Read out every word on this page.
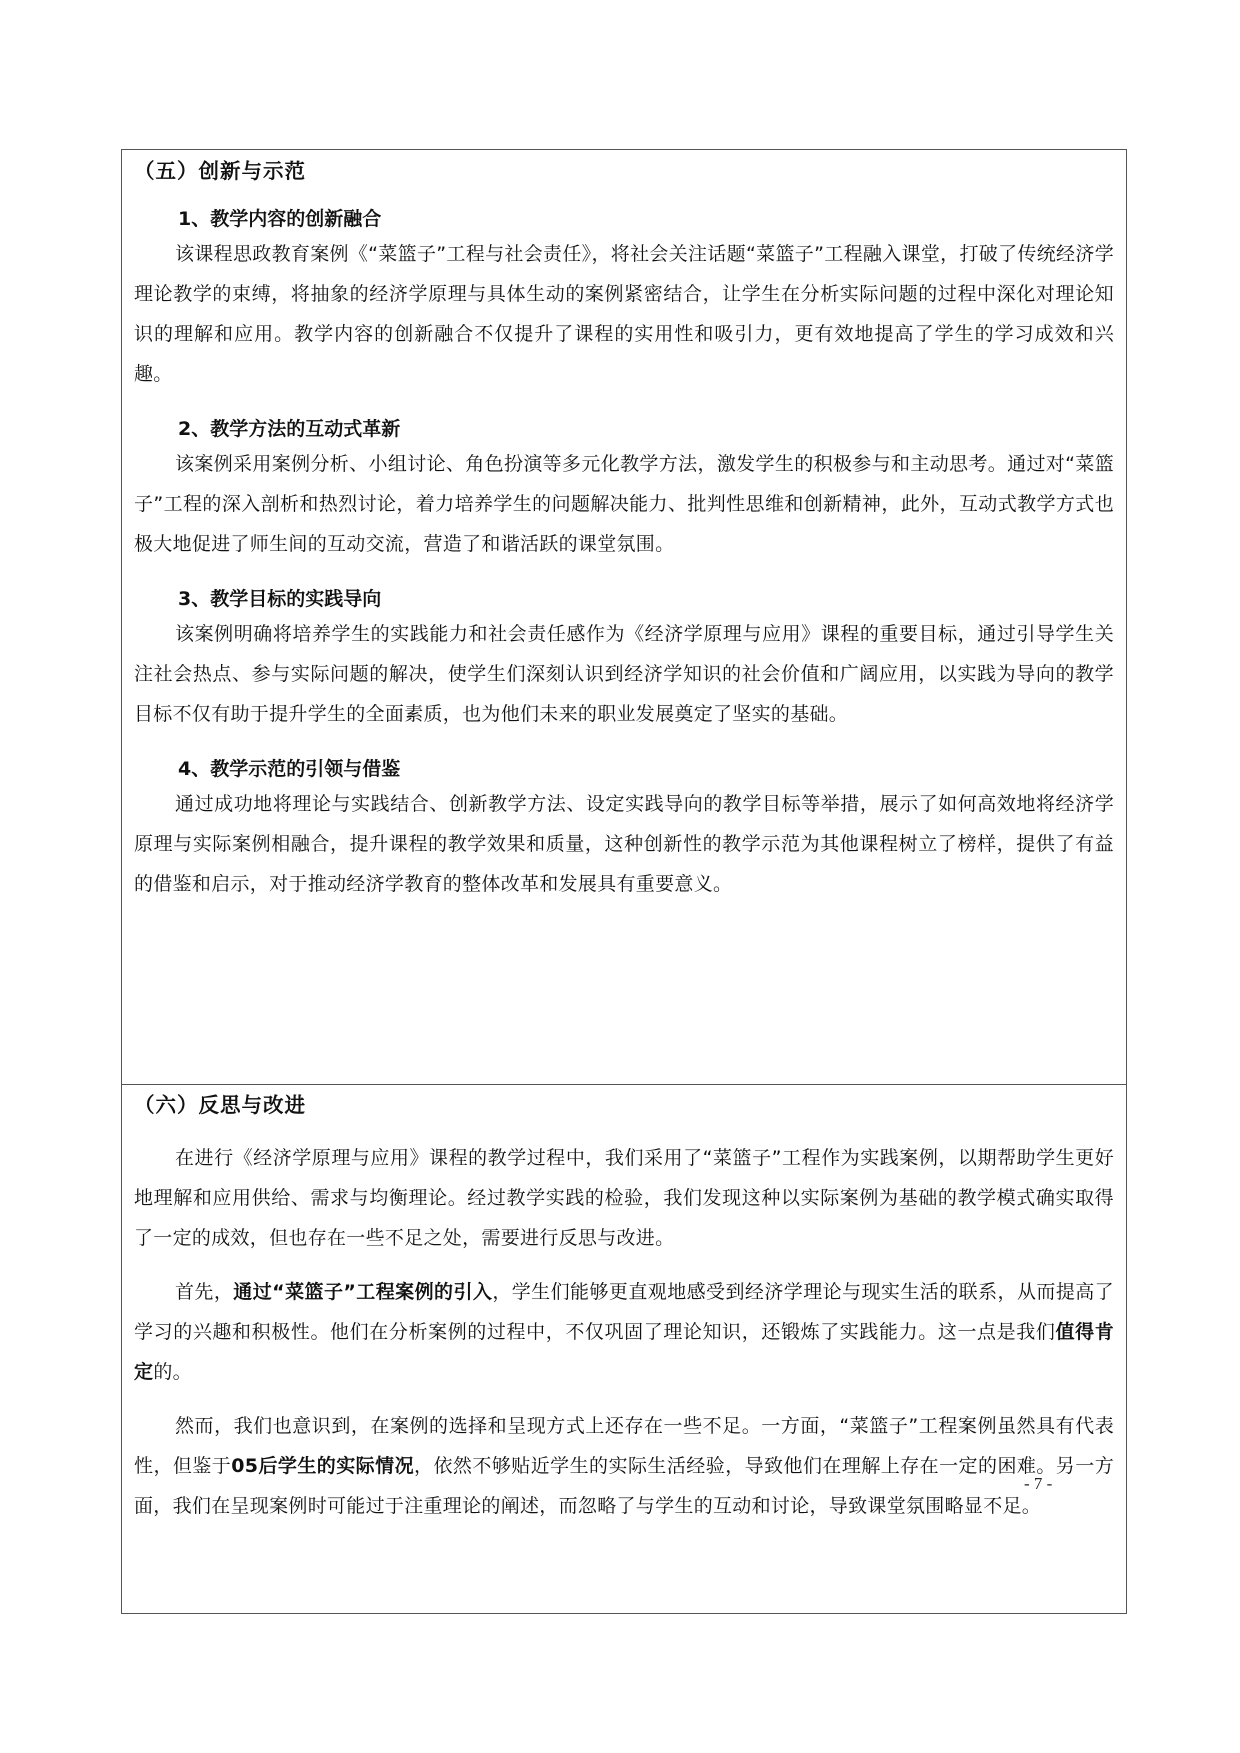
（五）创新与示范
1、教学内容的创新融合

该课程思政教育案例《“菜篮子”工程与社会责任》，将社会关注话题“菜篮子”工程融入课堂，打破了传统经济学理论教学的束缚，将抽象的经济学原理与具体生动的案例紧密结合，让学生在分析实际问题的过程中深化对理论知识的理解和应用。教学内容的创新融合不仅提升了课程的实用性和吸引力，更有效地提高了学生的学习成效和兴趣。

2、教学方法的互动式革新

该案例采用案例分析、小组讨论、角色扮演等多元化教学方法，激发学生的积极参与和主动思考。通过对“菜篮子”工程的深入剖析和热烈讨论，着力培养学生的问题解决能力、批判性思维和创新精神，此外，互动式教学方式也极大地促进了师生间的互动交流，营造了和谐活跃的课堂氛围。

3、教学目标的实践导向

该案例明确将培养学生的实践能力和社会责任感作为《经济学原理与应用》课程的重要目标，通过引导学生关注社会热点、参与实际问题的解决，使学生们深刻认识到经济学知识的社会价值和广阔应用，以实践为导向的教学目标不仅有助于提升学生的全面素质，也为他们未来的职业发展奠定了坚实的基础。

4、教学示范的引领与借鉴

通过成功地将理论与实践结合、创新教学方法、设定实践导向的教学目标等举措，展示了如何高效地将经济学原理与实际案例相融合，提升课程的教学效果和质量，这种创新性的教学示范为其他课程树立了榜样，提供了有益的借鉴和启示，对于推动经济学教育的整体改革和发展具有重要意义。

（六）反思与改进

在进行《经济学原理与应用》课程的教学过程中，我们采用了“菜篮子”工程作为实践案例，以期帮助学生更好地理解和应用供给、需求与均衡理论。经过教学实践的检验，我们发现这种以实际案例为基础的教学模式确实取得了一定的成效，但也存在一些不足之处，需要进行反思与改进。

首先，通过“菜篮子”工程案例的引入，学生们能够更直观地感受到经济学理论与现实生活的联系，从而提高了学习的兴趣和积极性。他们在分析案例的过程中，不仅巩固了理论知识，还锻炼了实践能力。这一点是我们值得肯定的。

然而，我们也意识到，在案例的选择和呈现方式上还存在一些不足。一方面，“菜篮子”工程案例虽然具有代表性，但鉴于05后学生的实际情况，依然不够贴近学生的实际生活经验，导致他们在理解上存在一定的困难。另一方面，我们在呈现案例时可能过于注重理论的阐述，而忽略了与学生的互动和讨论，导致课堂氛围略显不足。

- 7 -
